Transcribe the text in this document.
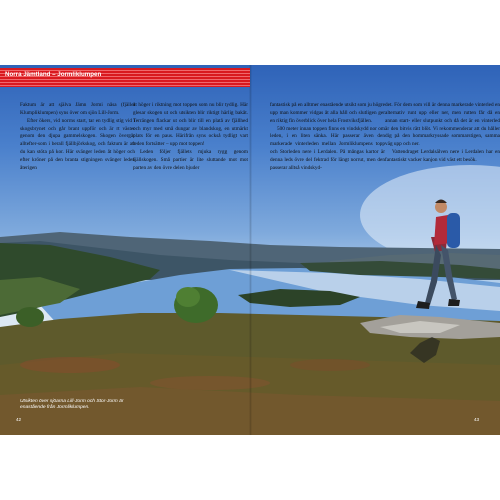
Norra Jämtland – Jormliklumpen

Faktum är att själva Jämn Jormi nåsa (fjället Klumpliklumpen) syns över om sjön Lill-Jorm.

Efter ökers, vid norrns start, tar en tydlig stig vid i skogsbrynet och går brant uppför och är rt väster genom den djupa gammelskogen. Skogen övergår alltefter-som i berall fjällbjörkskog, och faktum är att du kan stöta på kor. Här svänger leden åt höger och efter kröner på den branta stigningen svänger leden återigen

åt höger i riktning mot toppen som nu blir tydlig. Här glesar skogen ut och utsikten blir riktigt härlig bakåt. Terrängen flackar ut och blir till en platå av fjällhed och myr med små dungar av blandskog, en utmärkt plats för en paus. Härifrån syns också tydligt vart leden fortsätter – upp mot toppen!

Leden följer fjällets mjuka rygg genom fjällskogen. Små partier är lite sluttande mot mot parten av den övre delen bjuder

fantastisk på en alltmer enastående utsikt som ju högre upp man kommer vidgas åt alla håll och slutligen ger en riktig fin överblick över hela Frostviksfjällen.

500 meter innan toppen finns en vindskydd nor om leden, i en liten sänka. Här passerar även den markerade vinterleden mellan Jormliklumpens topp och Storleden nere i Lerdalen. På mångas kartor är denna leds övre del fektrad för längt norrut, men den passerar alltså vindskyd-

det. För dem som vill är denna markerade vinterled en alternativ runt upp eller ner, men rutten får då en annan start- eller slutpunkt och då det är en vinterled är den bitvis rätt blöt. Vi rekommenderar att du håller dig på den hommarkryssade sommarstigen, samma väg upp och ner.

Vattendraget Lerdalsälven nere i Lerdalen har en fantastiskt vacker kanjon vid väst ett besök.

Utsikten över sjöarna Lill-Jorm och Stor-Jorm är enastående från Jormliklumpen.
42	43
